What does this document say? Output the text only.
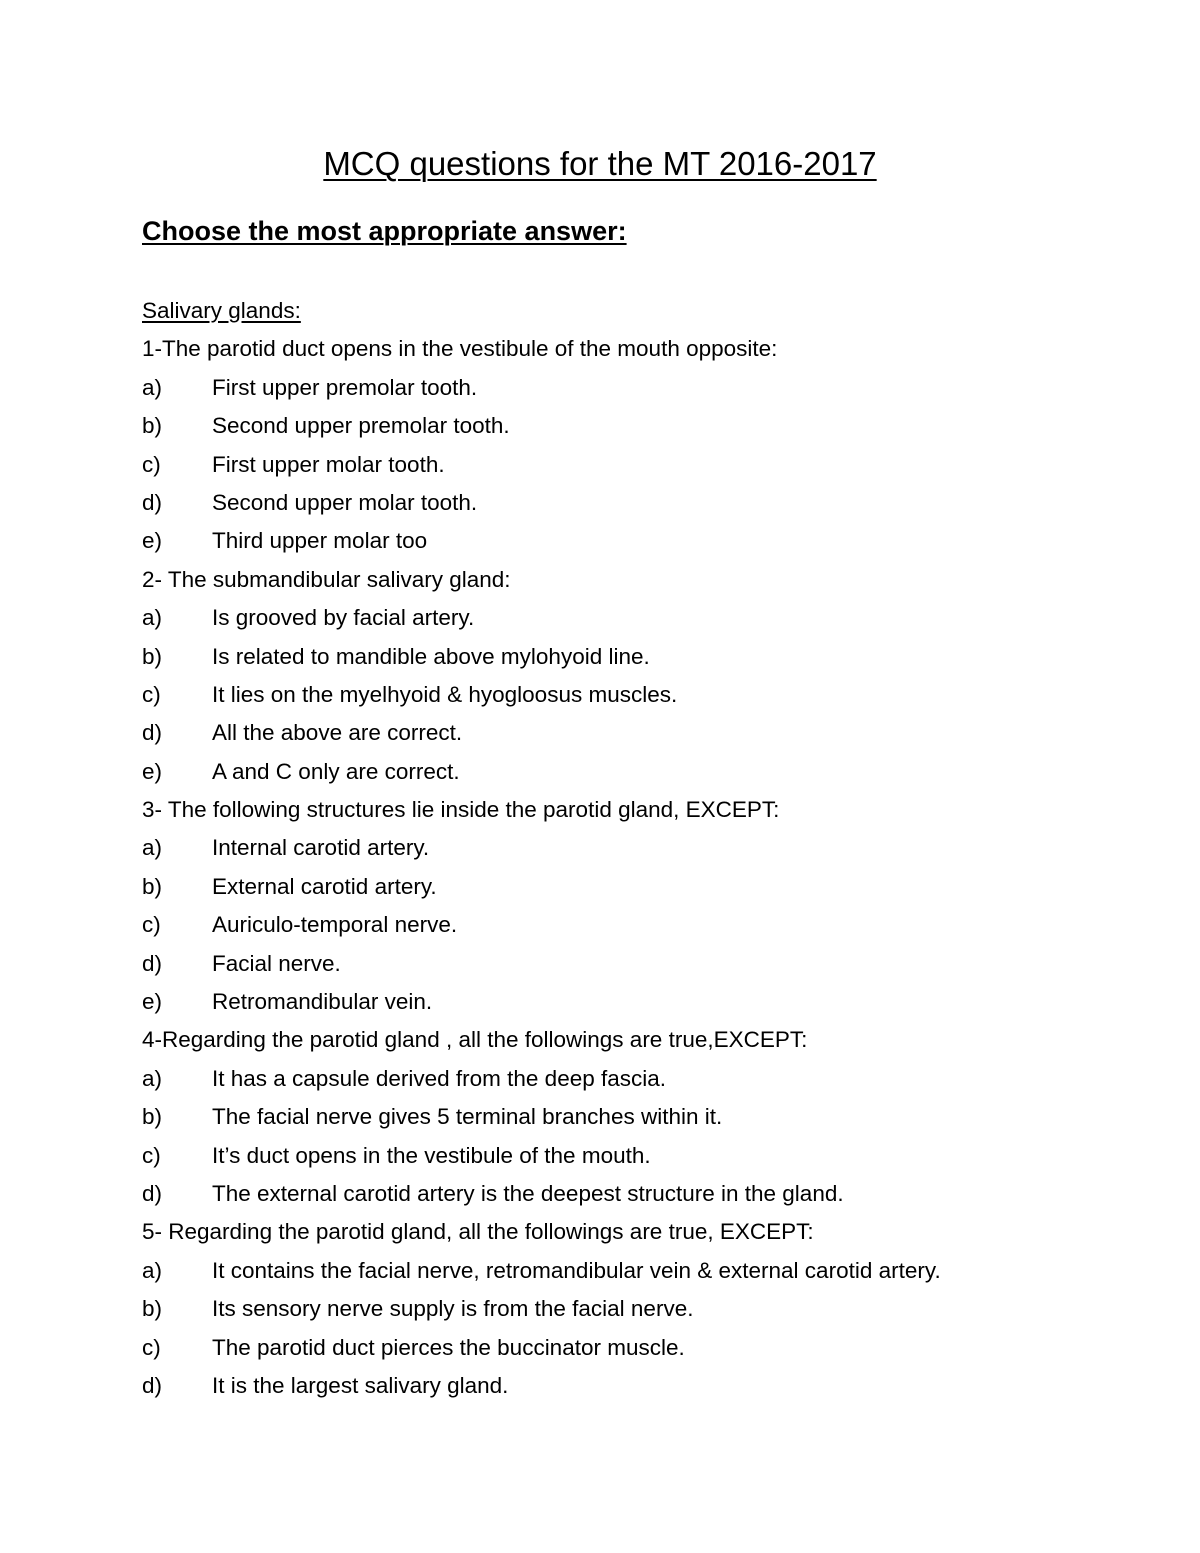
MCQ questions for the MT 2016-2017
Choose the most appropriate answer:
Salivary glands:
1-The parotid duct opens in the vestibule of the mouth opposite:
a)	First upper premolar tooth.
b)	Second upper premolar tooth.
c)	First upper molar tooth.
d)	Second upper molar tooth.
e)	Third upper molar too
2- The submandibular salivary gland:
a)	Is grooved by facial artery.
b)	Is related to mandible above mylohyoid line.
c)	It lies on the myelhyoid & hyogloosus muscles.
d)	All the above are correct.
e)	A and C only are correct.
3- The following structures lie inside the parotid gland, EXCEPT:
a)	Internal carotid artery.
b)	External carotid artery.
c)	Auriculo-temporal nerve.
d)	Facial nerve.
e)	Retromandibular vein.
4-Regarding the parotid gland , all the followings are true,EXCEPT:
a)	It has a capsule derived from the deep fascia.
b)	The facial nerve gives 5 terminal branches within it.
c)	It’s duct opens in the vestibule of the mouth.
d)	The external carotid artery is the deepest structure in the gland.
5- Regarding the parotid gland, all the followings are true, EXCEPT:
a)	It contains the facial nerve, retromandibular vein & external carotid artery.
b)	Its sensory nerve supply is from the facial nerve.
c)	The parotid duct pierces the buccinator muscle.
d)	It is the largest salivary gland.
